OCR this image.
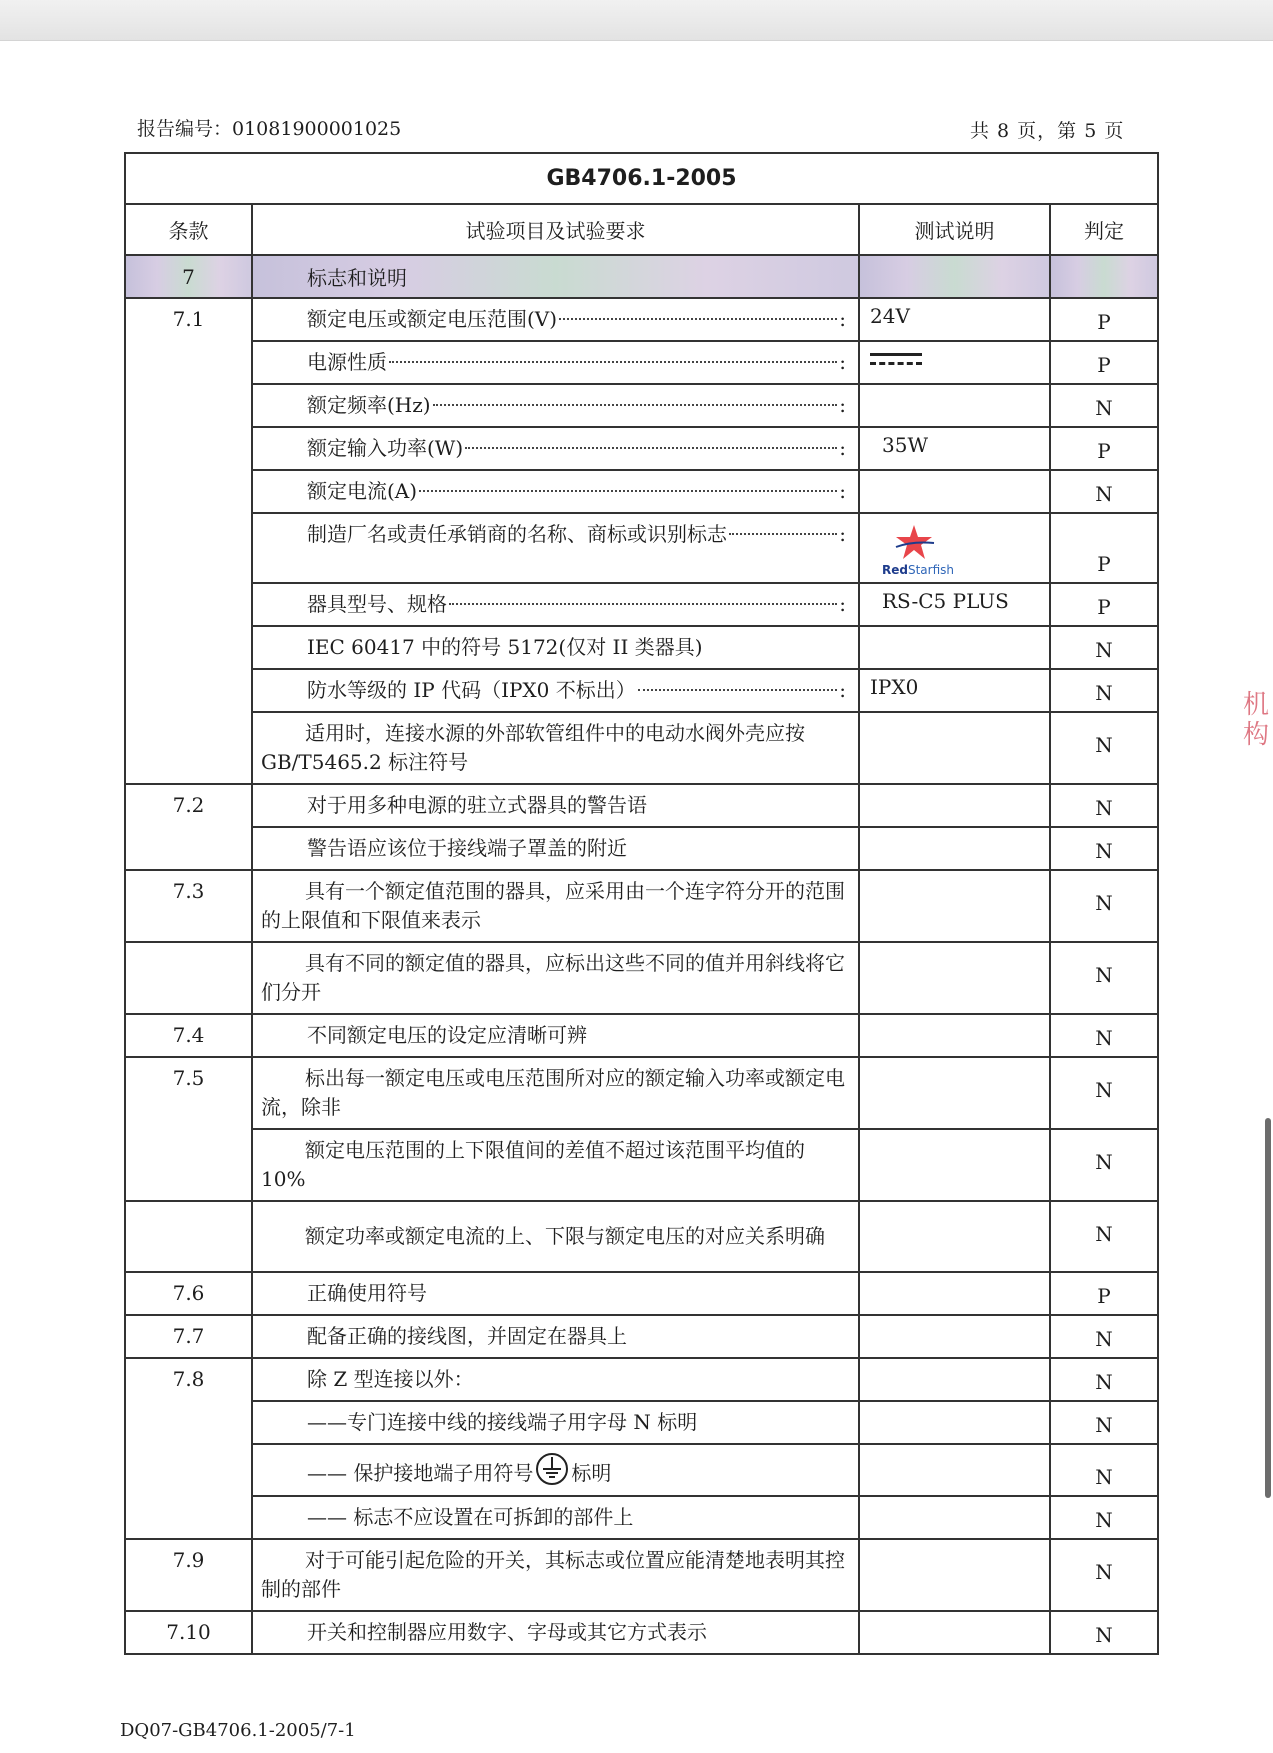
报告编号：01081900001025	共 8 页，第 5 页
GB4706.1-2005			
条款	试验项目及试验要求	测试说明	判定
7	标志和说明		
7.1	额定电压或额定电压范围(V) :	24V	P

	电源性质 :		P

	额定频率(Hz) :		N

	额定输入功率(W) :	35W	P

	额定电流(A) :		N

	制造厂名或责任承销商的名称、商标或识别标志 :	RedStarfish	P

	器具型号、规格 :	RS-C5 PLUS	P
	IEC 60417 中的符号 5172(仅对 II 类器具)		N

	防水等级的 IP 代码（IPX0 不标出） :	IPX0	N
	适用时，连接水源的外部软管组件中的电动水阀外壳应按GB/T5465.2 标注符号		N
7.2	对于用多种电源的驻立式器具的警告语		N
	警告语应该位于接线端子罩盖的附近		N
7.3	具有一个额定值范围的器具，应采用由一个连字符分开的范围的上限值和下限值来表示		N
	具有不同的额定值的器具，应标出这些不同的值并用斜线将它们分开		N
7.4	不同额定电压的设定应清晰可辨		N
7.5	标出每一额定电压或电压范围所对应的额定输入功率或额定电流，除非		N
	额定电压范围的上下限值间的差值不超过该范围平均值的10%		N
	额定功率或额定电流的上、下限与额定电压的对应关系明确		N
7.6	正确使用符号		P
7.7	配备正确的接线图，并固定在器具上		N
7.8	除 Z 型连接以外：		N
	——专门连接中线的接线端子用字母 N 标明		N
	—— 保护接地端子用符号 标明		N
	—— 标志不应设置在可拆卸的部件上		N
7.9	对于可能引起危险的开关，其标志或位置应能清楚地表明其控制的部件		N
7.10	开关和控制器应用数字、字母或其它方式表示		N
机构
DQ07-GB4706.1-2005/7-1
